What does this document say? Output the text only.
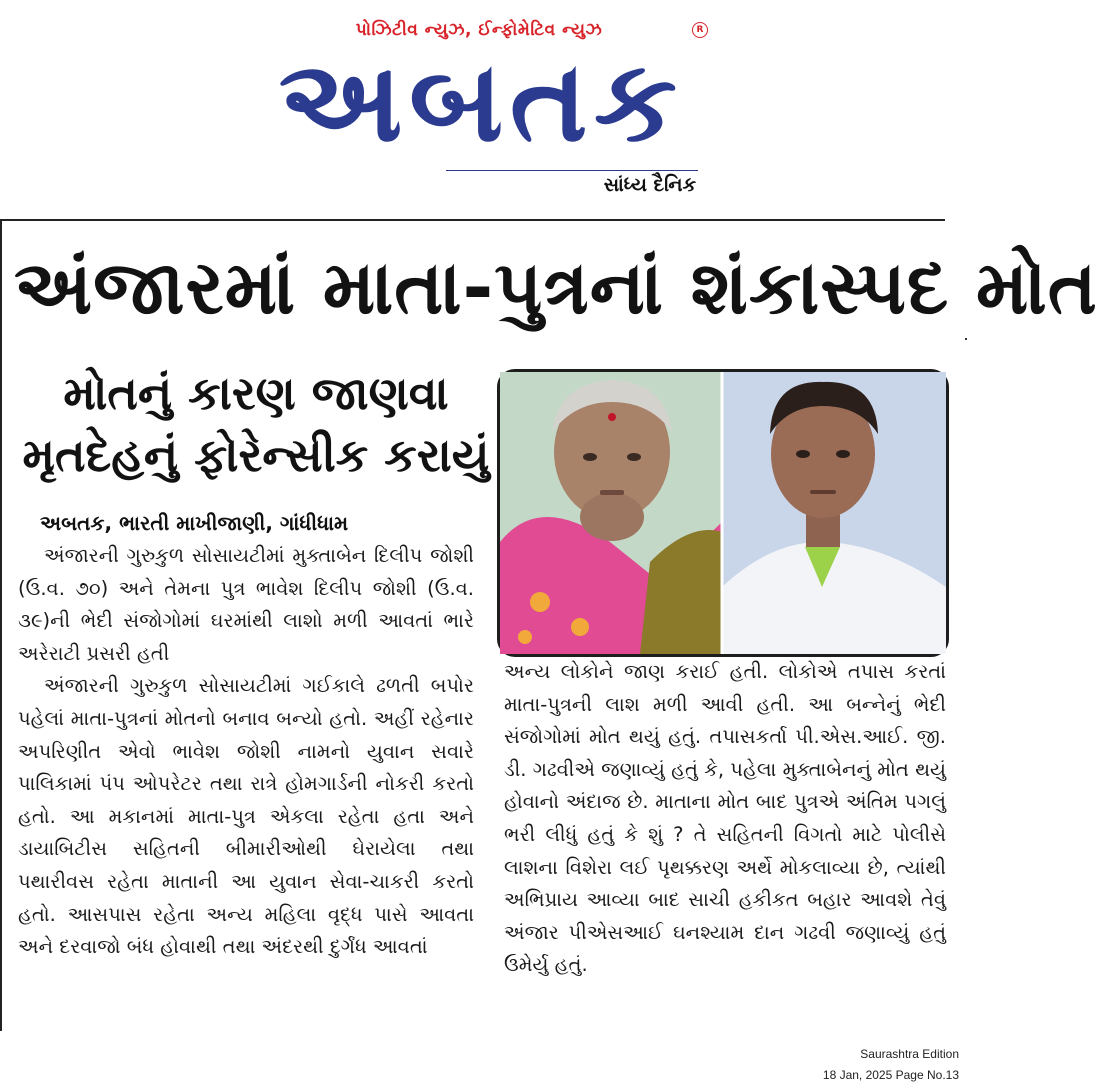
પોઝિટીવ ન્યુઝ, ઈન્ફોમેટિવ ન્યુઝ	R
અબતક
સાંધ્ય દૈનિક
અંજારમાં માતા-પુત્રનાં શંકાસ્પદ મોત
મોતનું કારણ જાણવા
મૃતદેહનું ફોરેન્સીક કરાયું
અબતક, ભારતી માખીજાણી, ગાંધીધામ

અંજારની ગુરુકુળ સોસાયટીમાં મુક્તાબેન દિલીપ જોશી (ઉ.વ. ૭૦) અને તેમના પુત્ર ભાવેશ દિલીપ જોશી (ઉ.વ. ૩૯)ની ભેદી સંજોગોમાં ઘરમાંથી લાશો મળી આવતાં ભારે અરેરાટી પ્રસરી હતી

અંજારની ગુરુકુળ સોસાયટીમાં ગઈકાલે ઢળતી બપોર પહેલાં માતા-પુત્રનાં મોતનો બનાવ બન્યો હતો. અહીં રહેનાર અપરિણીત એવો ભાવેશ જોશી નામનો યુવાન સવારે પાલિકામાં પંપ ઓપરેટર તથા રાત્રે હોમગાર્ડની નોકરી કરતો હતો. આ મકાનમાં માતા-પુત્ર એકલા રહેતા હતા અને ડાયાબિટીસ સહિતની બીમારીઓથી ઘેરાયેલા તથા પથારીવસ રહેતા માતાની આ યુવાન સેવા-ચાકરી કરતો હતો. આસપાસ રહેતા અન્ય મહિલા વૃદ્ધ પાસે આવતા અને દરવાજો બંધ હોવાથી તથા અંદરથી દુર્ગંધ આવતાં

અન્ય લોકોને જાણ કરાઈ હતી. લોકોએ તપાસ કરતાં માતા-પુત્રની લાશ મળી આવી હતી. આ બન્નેનું ભેદી સંજોગોમાં મોત થયું હતું. તપાસકર્તા પી.એસ.આઈ. જી. ડી. ગઢવીએ જણાવ્યું હતું કે, પહેલા મુક્તાબેનનું મોત થયું હોવાનો અંદાજ છે. માતાના મોત બાદ પુત્રએ અંતિમ પગલું ભરી લીધું હતું કે શું ? તે સહિતની વિગતો માટે પોલીસે લાશના વિશેરા લઈ પૃથક્કરણ અર્થે મોકલાવ્યા છે, ત્યાંથી અભિપ્રાય આવ્યા બાદ સાચી હકીકત બહાર આવશે તેવું અંજાર પીએસઆઈ ઘનશ્યામ દાન ગઢવી જણાવ્યું હતું ઉમેર્યુ હતું.

Saurashtra Edition
18 Jan, 2025 Page No.13
